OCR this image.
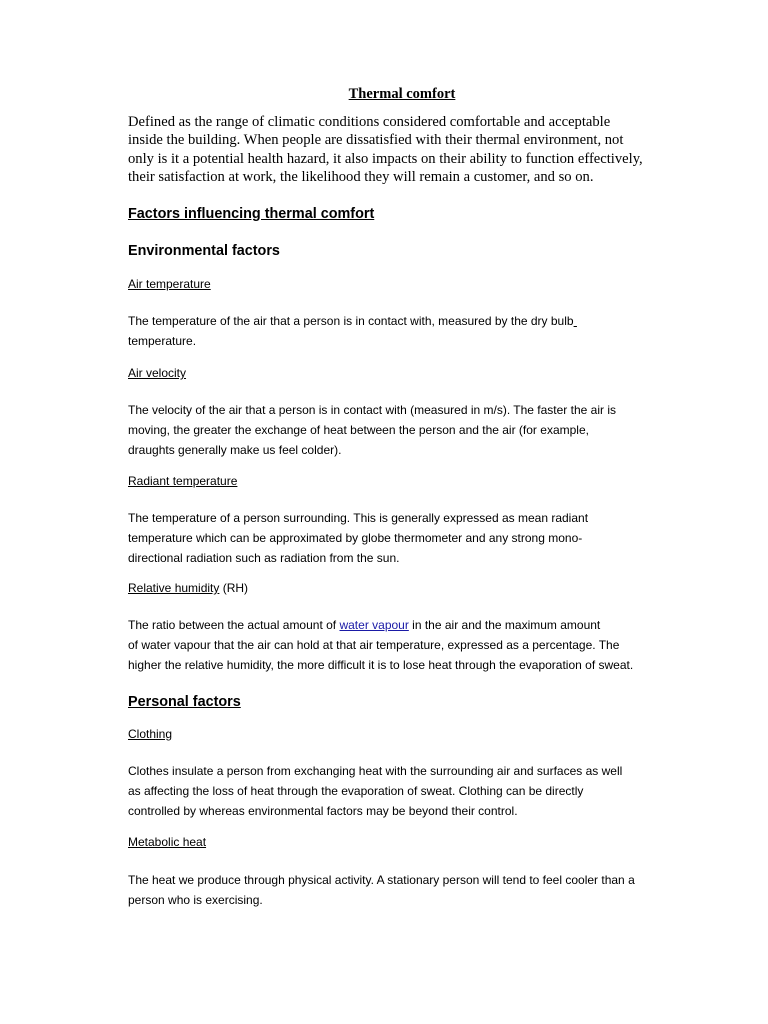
Thermal comfort

Defined as the range of climatic conditions considered comfortable and acceptable
inside the building. When people are dissatisfied with their thermal environment, not
only is it a potential health hazard, it also impacts on their ability to function effectively,
their satisfaction at work, the likelihood they will remain a customer, and so on.

Factors influencing thermal comfort
Environmental factors
Air temperature

The temperature of the air that a person is in contact with, measured by the dry bulb
temperature.

Air velocity

The velocity of the air that a person is in contact with (measured in m/s). The faster the air is
moving, the greater the exchange of heat between the person and the air (for example,
draughts generally make us feel colder).

Radiant temperature

The temperature of a person surrounding. This is generally expressed as mean radiant
temperature which can be approximated by globe thermometer and any strong mono-
directional radiation such as radiation from the sun.

Relative humidity (RH)

The ratio between the actual amount of water vapour in the air and the maximum amount
of water vapour that the air can hold at that air temperature, expressed as a percentage. The
higher the relative humidity, the more difficult it is to lose heat through the evaporation of sweat.

Personal factors
Clothing

Clothes insulate a person from exchanging heat with the surrounding air and surfaces as well
as affecting the loss of heat through the evaporation of sweat. Clothing can be directly
controlled by whereas environmental factors may be beyond their control.

Metabolic heat

The heat we produce through physical activity. A stationary person will tend to feel cooler than a
person who is exercising.
